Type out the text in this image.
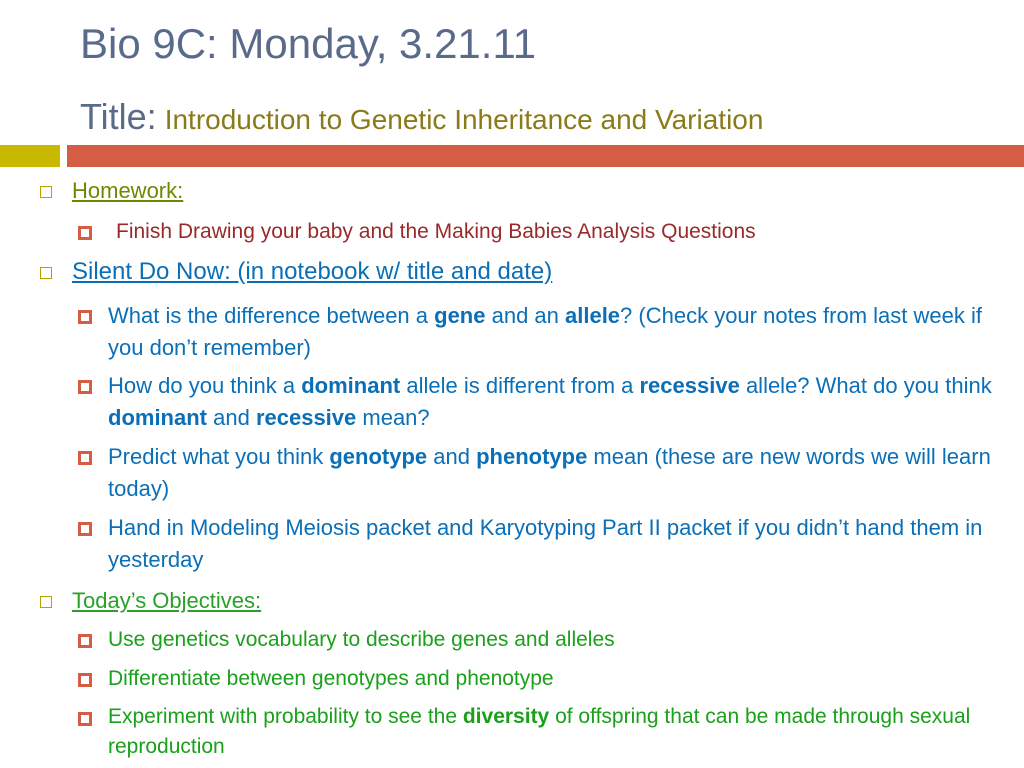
Bio 9C: Monday, 3.21.11
Title: Introduction to Genetic Inheritance and Variation
Homework:
Finish Drawing your baby and the Making Babies Analysis Questions
Silent Do Now: (in notebook w/ title and date)
What is the difference between a gene and an allele? (Check your notes from last week if you don’t remember)
How do you think a dominant allele is different from a recessive allele? What do you think dominant and recessive mean?
Predict what you think genotype and phenotype mean (these are new words we will learn today)
Hand in Modeling Meiosis packet and Karyotyping Part II packet if you didn’t hand them in yesterday
Today’s Objectives:
Use genetics vocabulary to describe genes and alleles
Differentiate between genotypes and phenotype
Experiment with probability to see the diversity of offspring that can be made through sexual reproduction
